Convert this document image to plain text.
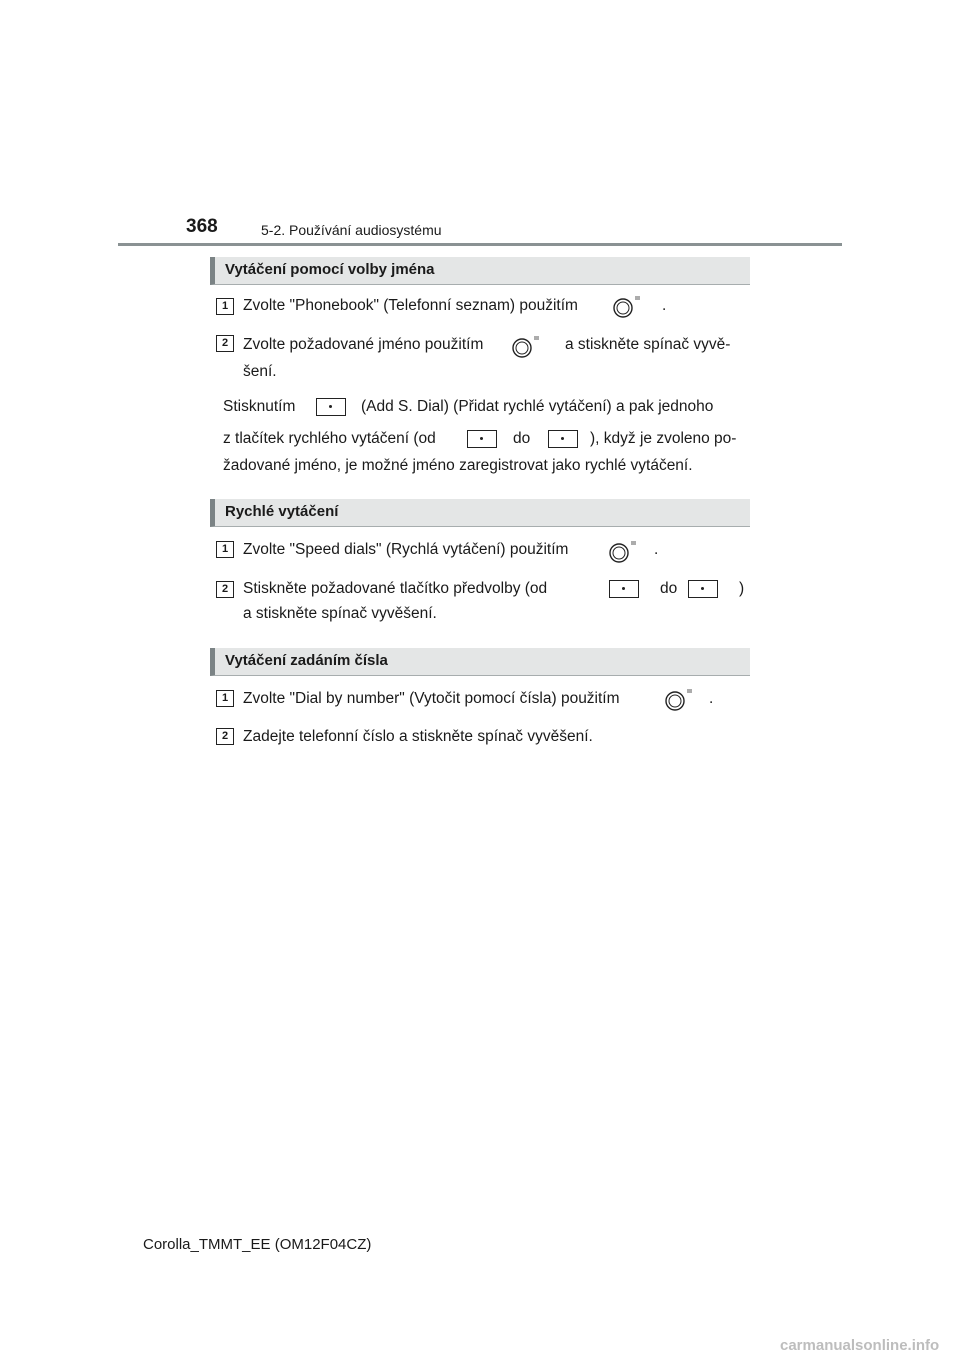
368	5-2. Používání audiosystému
Vytáčení pomocí volby jména
1 Zvolte "Phonebook" (Telefonní seznam) použitím	.
2 Zvolte požadované jméno použitím	a stiskněte spínač vyvě-
šení.
Stisknutím	(Add S. Dial) (Přidat rychlé vytáčení) a pak jednoho
z tlačítek rychlého vytáčení (od	do	), když je zvoleno po-
žadované jméno, je možné jméno zaregistrovat jako rychlé vytáčení.
Rychlé vytáčení
1 Zvolte "Speed dials" (Rychlá vytáčení) použitím	.
2 Stiskněte požadované tlačítko předvolby (od	do	)
a stiskněte spínač vyvěšení.
Vytáčení zadáním čísla
1 Zvolte "Dial by number" (Vytočit pomocí čísla) použitím	.
2 Zadejte telefonní číslo a stiskněte spínač vyvěšení.
Corolla_TMMT_EE (OM12F04CZ)
carmanualsonline.info
